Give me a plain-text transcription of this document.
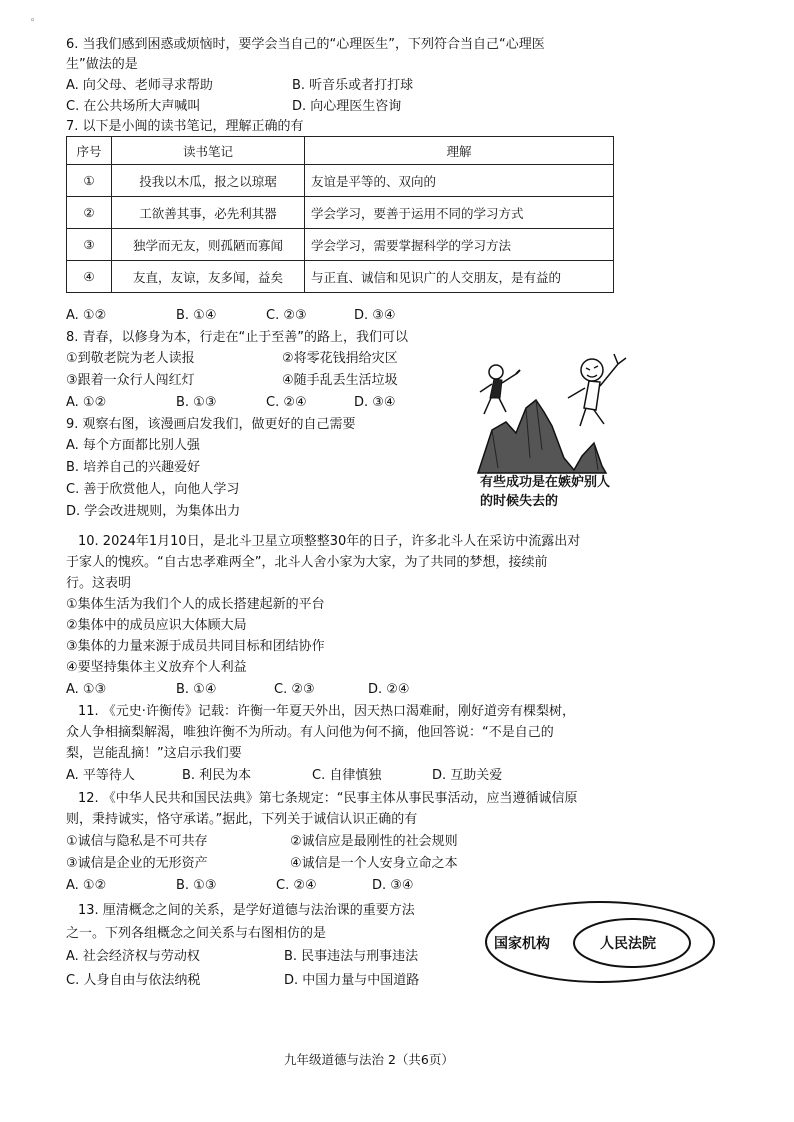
◦
6. 当我们感到困惑或烦恼时，要学会当自己的“心理医生”，下列符合当自己“心理医
生”做法的是
A. 向父母、老师寻求帮助	B. 听音乐或者打打球
C. 在公共场所大声喊叫	D. 向心理医生咨询
7. 以下是小闽的读书笔记，理解正确的有
序号	读书笔记	理解
①	投我以木瓜，报之以琼琚	友谊是平等的、双向的
②	工欲善其事，必先利其器	学会学习，要善于运用不同的学习方式
③	独学而无友，则孤陋而寡闻	学会学习，需要掌握科学的学习方法
④	友直，友谅，友多闻，益矣	与正直、诚信和见识广的人交朋友，是有益的
A. ①②	B. ①④	C. ②③	D. ③④
8. 青春，以修身为本，行走在“止于至善”的路上，我们可以
①到敬老院为老人读报	②将零花钱捐给灾区
③跟着一众行人闯红灯	④随手乱丢生活垃圾
A. ①②	B. ①③	C. ②④	D. ③④
9. 观察右图，该漫画启发我们，做更好的自己需要
A. 每个方面都比别人强
B. 培养自己的兴趣爱好
C. 善于欣赏他人，向他人学习
D. 学会改进规则，为集体出力
有些成功是在嫉妒别人
的时候失去的
10. 2024年1月10日，是北斗卫星立项整整30年的日子，许多北斗人在采访中流露出对
于家人的愧疚。“自古忠孝难两全”，北斗人舍小家为大家，为了共同的梦想，接续前
行。这表明
①集体生活为我们个人的成长搭建起新的平台
②集体中的成员应识大体顾大局
③集体的力量来源于成员共同目标和团结协作
④要坚持集体主义放弃个人利益
A. ①③	B. ①④	C. ②③	D. ②④
11. 《元史·许衡传》记载：许衡一年夏天外出，因天热口渴难耐，刚好道旁有棵梨树，
众人争相摘梨解渴，唯独许衡不为所动。有人问他为何不摘，他回答说：“不是自己的
梨，岂能乱摘！”这启示我们要
A. 平等待人	B. 利民为本	C. 自律慎独	D. 互助关爱
12. 《中华人民共和国民法典》第七条规定：“民事主体从事民事活动，应当遵循诚信原
则，秉持诚实，恪守承诺。”据此，下列关于诚信认识正确的有
①诚信与隐私是不可共存	②诚信应是最刚性的社会规则
③诚信是企业的无形资产	④诚信是一个人安身立命之本
A. ①②	B. ①③	C. ②④	D. ③④
13. 厘清概念之间的关系，是学好道德与法治课的重要方法
之一。下列各组概念之间关系与右图相仿的是
A. 社会经济权与劳动权	B. 民事违法与刑事违法
C. 人身自由与依法纳税	D. 中国力量与中国道路
国家机构	人民法院
九年级道德与法治 2（共6页）
